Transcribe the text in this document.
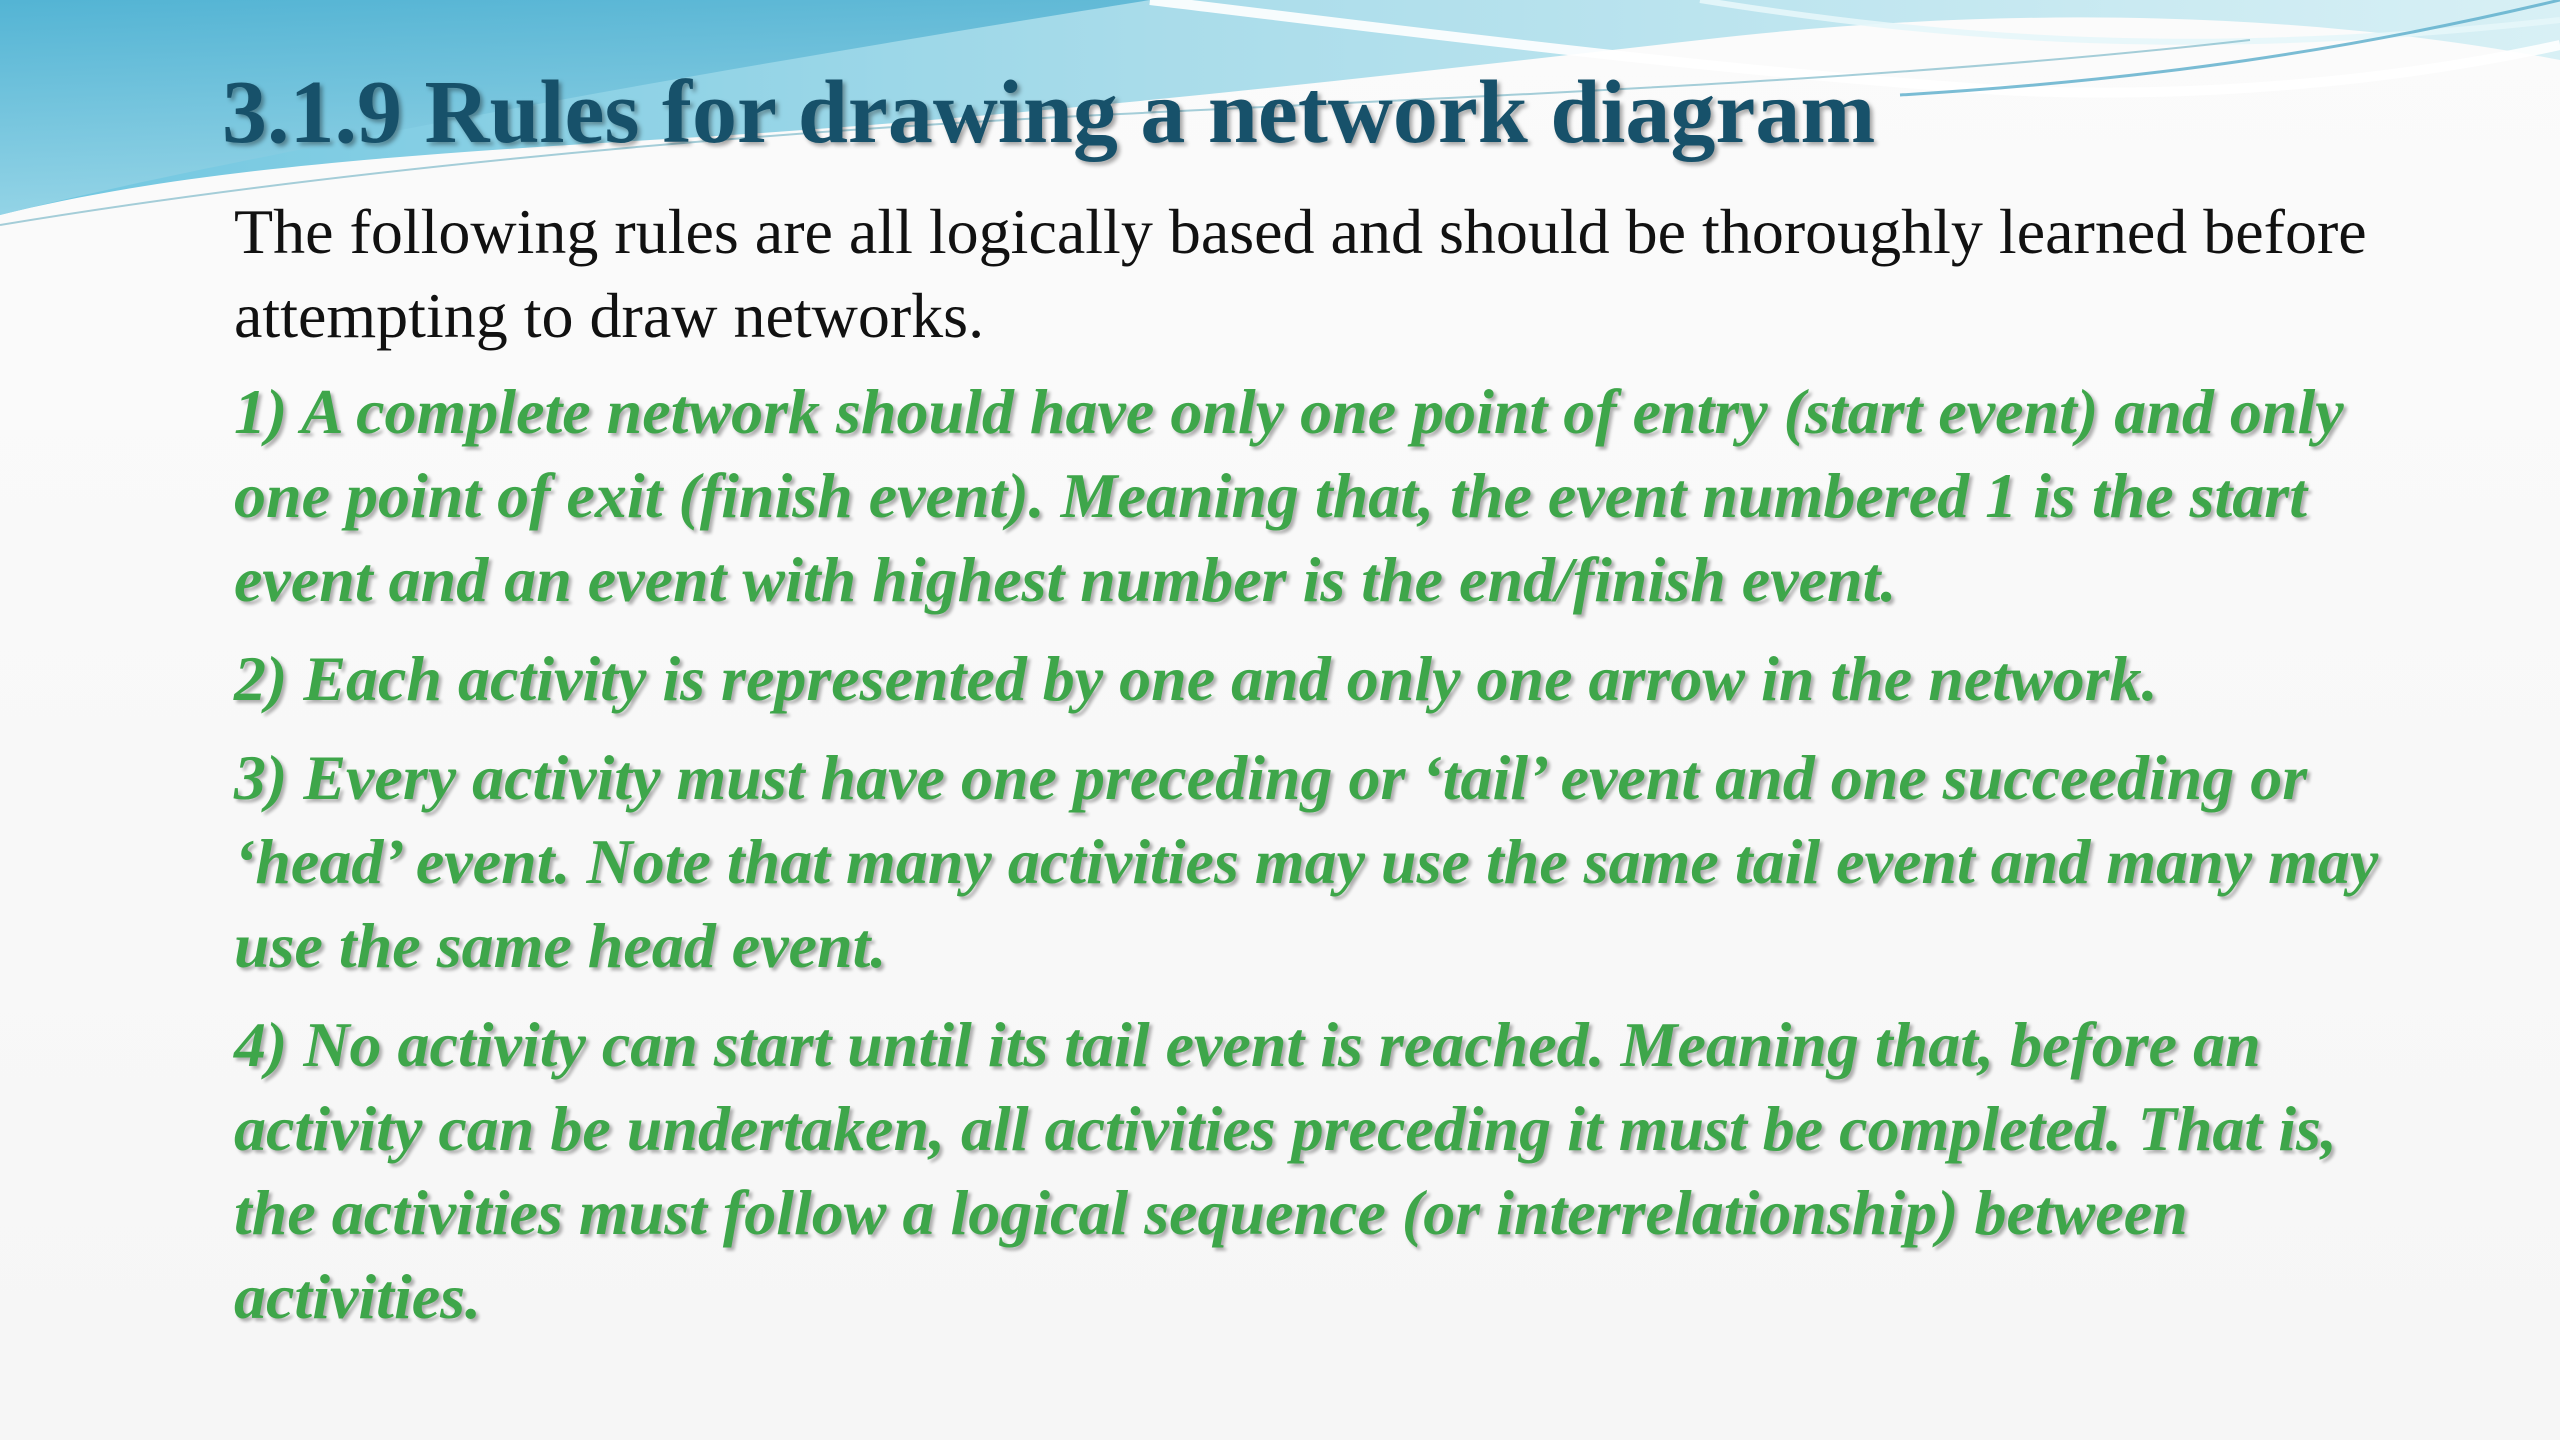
3.1.9 Rules for drawing a network diagram

The following rules are all logically based and should be thoroughly learned before attempting to draw networks.

1) A complete network should have only one point of entry (start event) and only one point of exit (finish event). Meaning that, the event numbered 1 is the start event and an event with highest number is the end/finish event.
2) Each activity is represented by one and only one arrow in the network.
3) Every activity must have one preceding or ‘tail’ event and one succeeding or ‘head’ event. Note that many activities may use the same tail event and many may use the same head event.
4) No activity can start until its tail event is reached. Meaning that, before an activity can be undertaken, all activities preceding it must be completed. That is, the activities must follow a logical sequence (or interrelationship) between activities.
